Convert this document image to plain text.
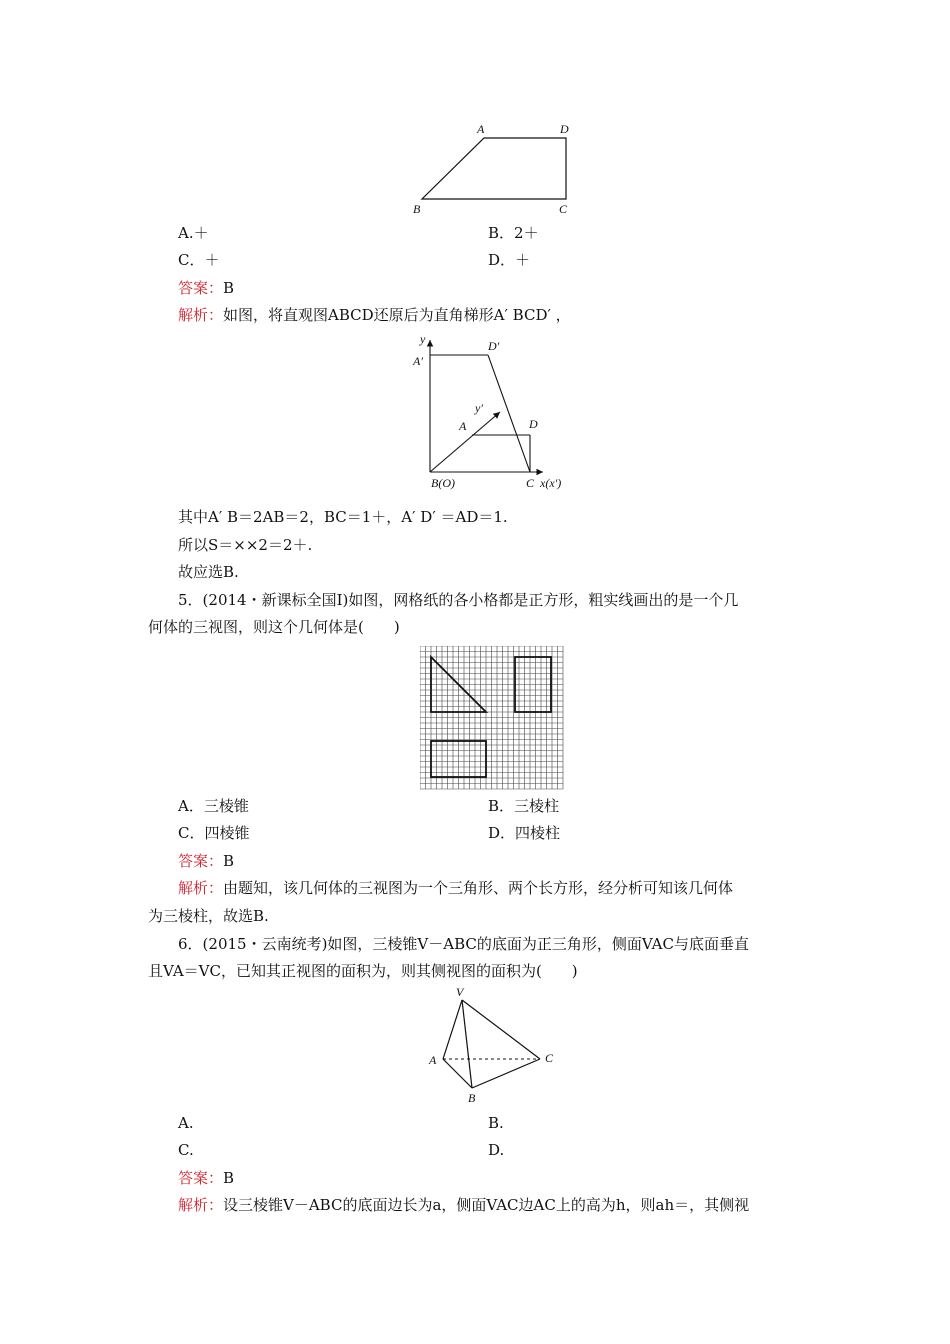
A	D
B	C
A.＋	B．2＋
C．＋	D．＋
答案：B
解析：如图，将直观图ABCD还原后为直角梯形A′ BCD′ ，
y
A′
D′
y′
A	D
B(O)	C x(x′)
其中A′ B＝2AB＝2，BC＝1＋，A′ D′ ＝AD＝1.
所以S＝××2＝2＋.
故应选B.
5．(2014・新课标全国Ⅰ)如图，网格纸的各小格都是正方形，粗实线画出的是一个几
何体的三视图，则这个几何体是(　　)
A．三棱锥	B．三棱柱
C．四棱锥	D．四棱柱
答案：B
解析：由题知，该几何体的三视图为一个三角形、两个长方形，经分析可知该几何体
为三棱柱，故选B.
6．(2015・云南统考)如图，三棱锥V－ABC的底面为正三角形，侧面VAC与底面垂直
且VA＝VC，已知其正视图的面积为，则其侧视图的面积为(　　)
V
A	C
B
A.	B.
C.	D.
答案：B
解析：设三棱锥V－ABC的底面边长为a，侧面VAC边AC上的高为h，则ah＝，其侧视
